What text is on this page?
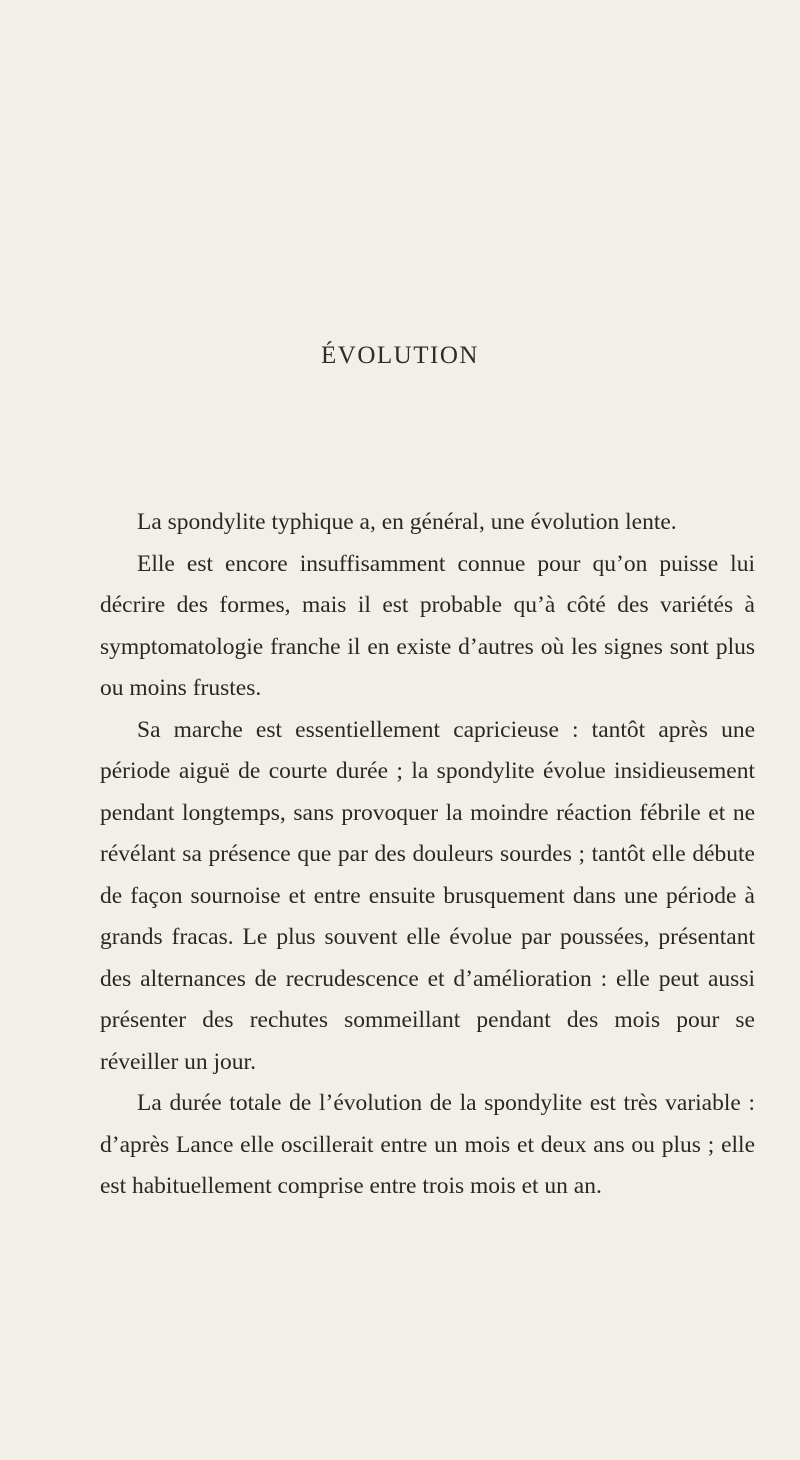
ÉVOLUTION

La spondylite typhique a, en général, une évolution lente.

Elle est encore insuffisamment connue pour qu’on puisse lui décrire des formes, mais il est probable qu’à côté des variétés à symptomatologie franche il en existe d’autres où les signes sont plus ou moins frustes.

Sa marche est essentiellement capricieuse : tantôt après une période aiguë de courte durée ; la spondylite évolue insidieusement pendant longtemps, sans provoquer la moindre réaction fébrile et ne révélant sa présence que par des douleurs sourdes ; tantôt elle débute de façon sournoise et entre ensuite brusquement dans une période à grands fracas. Le plus souvent elle évolue par poussées, présentant des alternances de recrudescence et d’amélioration : elle peut aussi présenter des rechutes sommeillant pendant des mois pour se réveiller un jour.

La durée totale de l’évolution de la spondylite est très variable : d’après Lance elle oscillerait entre un mois et deux ans ou plus ; elle est habituellement comprise entre trois mois et un an.
